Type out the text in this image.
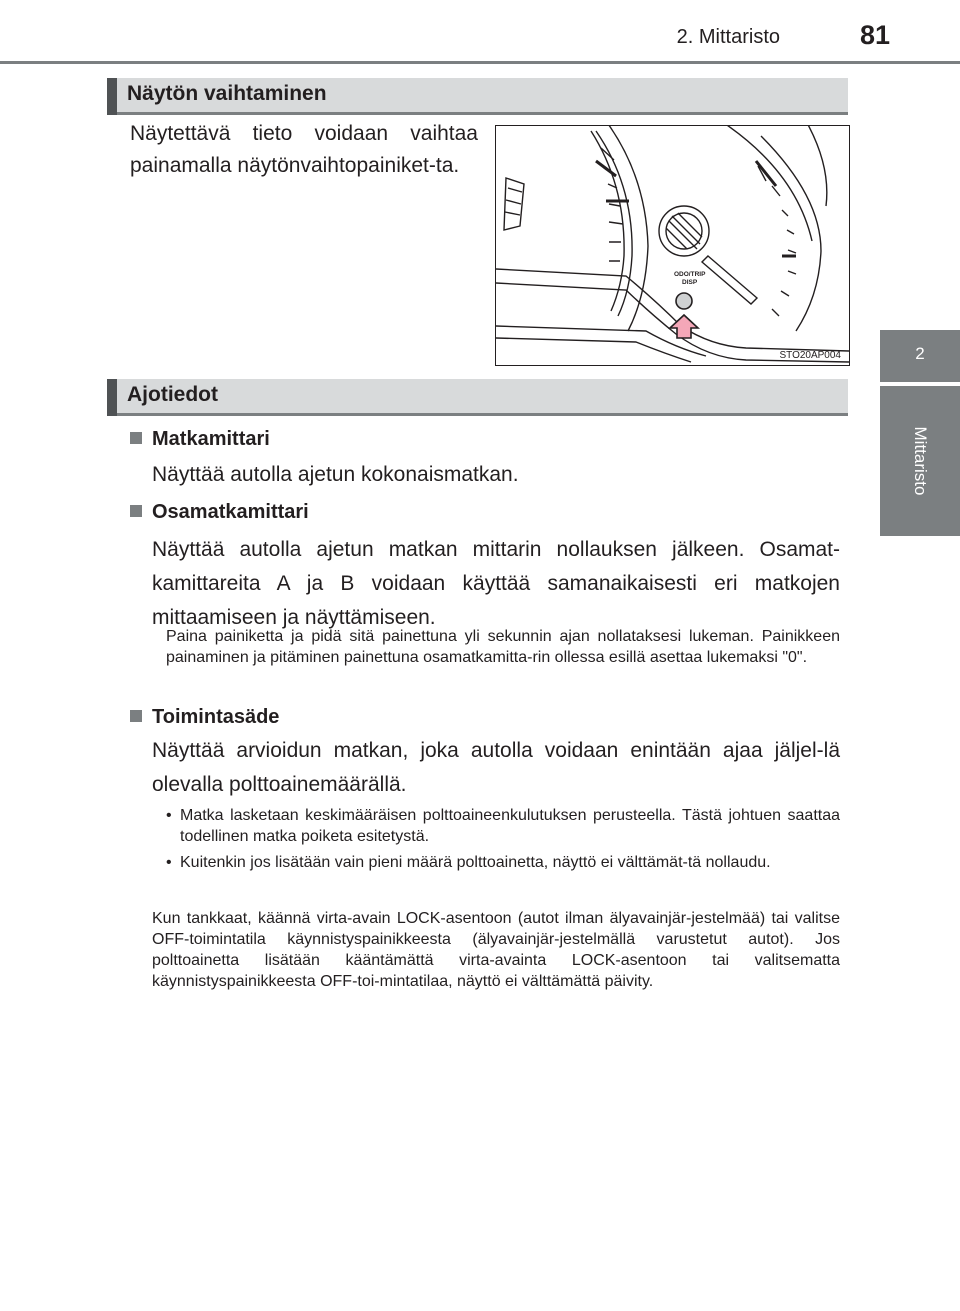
2. Mittaristo	81
2
Mittaristo
Näytön vaihtaminen
Näytettävä tieto voidaan vaihtaa painamalla näytönvaihtopainiket-ta.
ODO/TRIP
DISP
STO20AP004
Ajotiedot
Matkamittari
Näyttää autolla ajetun kokonaismatkan.
Osamatkamittari
Näyttää autolla ajetun matkan mittarin nollauksen jälkeen. Osamat-kamittareita A ja B voidaan käyttää samanaikaisesti eri matkojen mittaamiseen ja näyttämiseen.
Paina painiketta ja pidä sitä painettuna yli sekunnin ajan nollataksesi lukeman. Painikkeen painaminen ja pitäminen painettuna osamatkamitta-rin ollessa esillä asettaa lukemaksi "0".
Toimintasäde
Näyttää arvioidun matkan, joka autolla voidaan enintään ajaa jäljel-lä olevalla polttoainemäärällä.
• Matka lasketaan keskimääräisen polttoaineenkulutuksen perusteella. Tästä johtuen saattaa todellinen matka poiketa esitetystä.
• Kuitenkin jos lisätään vain pieni määrä polttoainetta, näyttö ei välttämät-tä nollaudu.
Kun tankkaat, käännä virta-avain LOCK-asentoon (autot ilman älyavainjär-jestelmää) tai valitse OFF-toimintatila käynnistyspainikkeesta (älyavainjär-jestelmällä varustetut autot). Jos polttoainetta lisätään kääntämättä virta-avainta LOCK-asentoon tai valitsematta käynnistyspainikkeesta OFF-toi-mintatilaa, näyttö ei välttämättä päivity.
